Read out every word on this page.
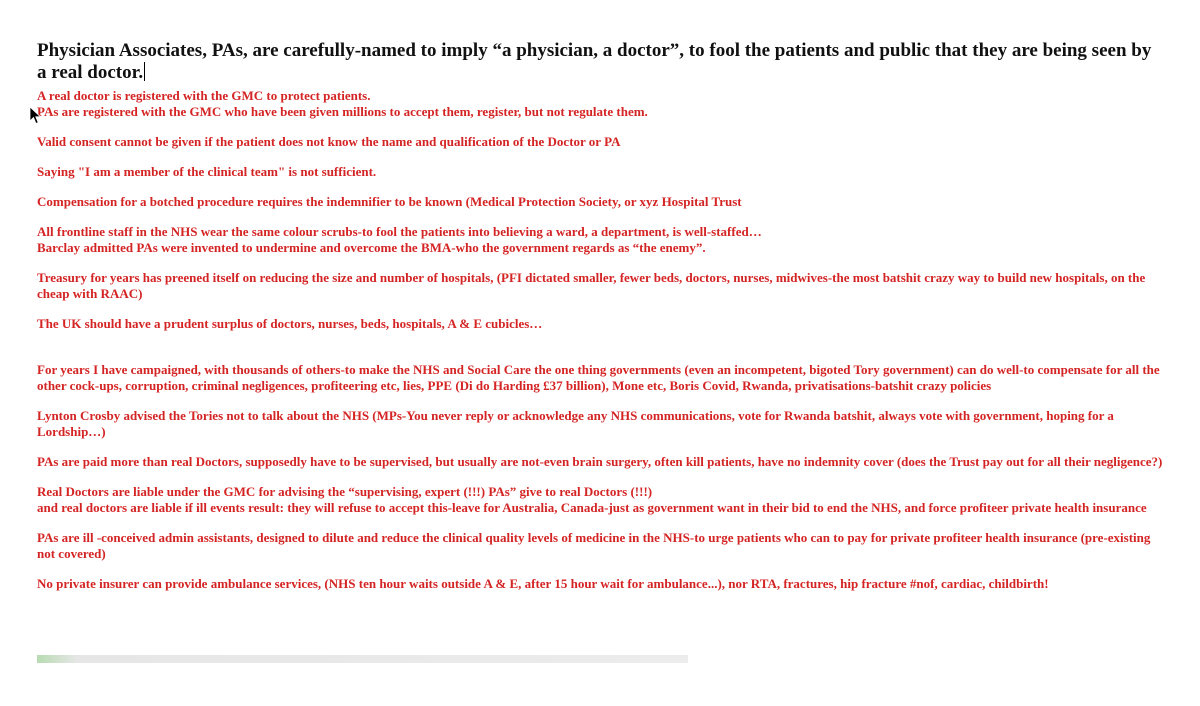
Physician Associates, PAs, are carefully-named to imply “a physician, a doctor”, to fool the patients and public that they are being seen by a real doctor.

A real doctor is registered with the GMC to protect patients.
PAs are registered with the GMC who have been given millions to accept them, register, but not regulate them.

Valid consent cannot be given if the patient does not know the name and qualification of the Doctor or PA

Saying "I am a member of the clinical team" is not sufficient.

Compensation for a botched procedure requires the indemnifier to be known (Medical Protection Society, or xyz Hospital Trust

All frontline staff in the NHS wear the same colour scrubs-to fool the patients into believing a ward, a department, is well-staffed…
Barclay admitted PAs were invented to undermine and overcome the BMA-who the government regards as “the enemy”.

Treasury for years has preened itself on reducing the size and number of hospitals, (PFI dictated smaller, fewer beds, doctors, nurses, midwives-the most batshit crazy way to build new hospitals, on the cheap with RAAC)

The UK should have a prudent surplus of doctors, nurses, beds, hospitals, A & E cubicles…

For years I have campaigned, with thousands of others-to make the NHS and Social Care the one thing governments (even an incompetent, bigoted Tory government) can do well-to compensate for all the other cock-ups, corruption, criminal negligences, profiteering etc, lies, PPE (Di do Harding £37 billion), Mone etc, Boris Covid, Rwanda, privatisations-batshit crazy policies

Lynton Crosby advised the Tories not to talk about the NHS (MPs-You never reply or acknowledge any NHS communications, vote for Rwanda batshit, always vote with government, hoping for a Lordship…)

PAs are paid more than real Doctors, supposedly have to be supervised, but usually are not-even brain surgery, often kill patients, have no indemnity cover (does the Trust pay out for all their negligence?)

Real Doctors are liable under the GMC for advising the “supervising, expert (!!!) PAs” give to real Doctors (!!!)
and real doctors are liable if ill events result: they will refuse to accept this-leave for Australia, Canada-just as government want in their bid to end the NHS, and force profiteer private health insurance

PAs are ill -conceived admin assistants, designed to dilute and reduce the clinical quality levels of medicine in the NHS-to urge patients who can to pay for private profiteer health insurance (pre-existing not covered)

No private insurer can provide ambulance services, (NHS ten hour waits outside A & E, after 15 hour wait for ambulance...), nor RTA, fractures, hip fracture #nof, cardiac, childbirth!
